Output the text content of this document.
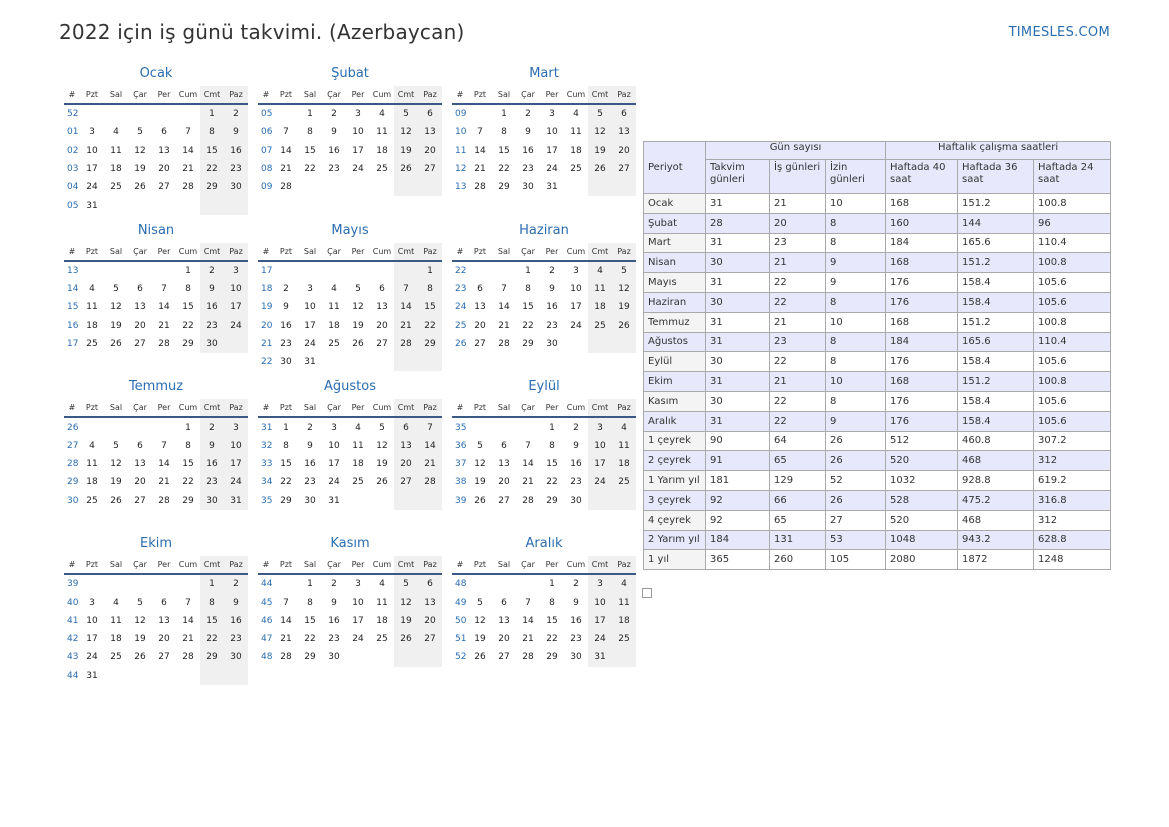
2022 için iş günü takvimi. (Azerbaycan)	TIMESLES.COM
Ocak
#	Pzt	Sal	Çar	Per	Cum	Cmt	Paz
52						1	2
01	3	4	5	6	7	8	9
02	10	11	12	13	14	15	16
03	17	18	19	20	21	22	23
04	24	25	26	27	28	29	30
05	31						
Şubat
#	Pzt	Sal	Çar	Per	Cum	Cmt	Paz
05		1	2	3	4	5	6
06	7	8	9	10	11	12	13
07	14	15	16	17	18	19	20
08	21	22	23	24	25	26	27
09	28						
Mart
#	Pzt	Sal	Çar	Per	Cum	Cmt	Paz
09		1	2	3	4	5	6
10	7	8	9	10	11	12	13
11	14	15	16	17	18	19	20
12	21	22	23	24	25	26	27
13	28	29	30	31			
Nisan
#	Pzt	Sal	Çar	Per	Cum	Cmt	Paz
13					1	2	3
14	4	5	6	7	8	9	10
15	11	12	13	14	15	16	17
16	18	19	20	21	22	23	24
17	25	26	27	28	29	30	
Mayıs
#	Pzt	Sal	Çar	Per	Cum	Cmt	Paz
17							1
18	2	3	4	5	6	7	8
19	9	10	11	12	13	14	15
20	16	17	18	19	20	21	22
21	23	24	25	26	27	28	29
22	30	31					
Haziran
#	Pzt	Sal	Çar	Per	Cum	Cmt	Paz
22			1	2	3	4	5
23	6	7	8	9	10	11	12
24	13	14	15	16	17	18	19
25	20	21	22	23	24	25	26
26	27	28	29	30			
Temmuz
#	Pzt	Sal	Çar	Per	Cum	Cmt	Paz
26					1	2	3
27	4	5	6	7	8	9	10
28	11	12	13	14	15	16	17
29	18	19	20	21	22	23	24
30	25	26	27	28	29	30	31
Ağustos
#	Pzt	Sal	Çar	Per	Cum	Cmt	Paz
31	1	2	3	4	5	6	7
32	8	9	10	11	12	13	14
33	15	16	17	18	19	20	21
34	22	23	24	25	26	27	28
35	29	30	31				
Eylül
#	Pzt	Sal	Çar	Per	Cum	Cmt	Paz
35				1	2	3	4
36	5	6	7	8	9	10	11
37	12	13	14	15	16	17	18
38	19	20	21	22	23	24	25
39	26	27	28	29	30		
Ekim
#	Pzt	Sal	Çar	Per	Cum	Cmt	Paz
39						1	2
40	3	4	5	6	7	8	9
41	10	11	12	13	14	15	16
42	17	18	19	20	21	22	23
43	24	25	26	27	28	29	30
44	31						
Kasım
#	Pzt	Sal	Çar	Per	Cum	Cmt	Paz
44		1	2	3	4	5	6
45	7	8	9	10	11	12	13
46	14	15	16	17	18	19	20
47	21	22	23	24	25	26	27
48	28	29	30				
Aralık
#	Pzt	Sal	Çar	Per	Cum	Cmt	Paz
48				1	2	3	4
49	5	6	7	8	9	10	11
50	12	13	14	15	16	17	18
51	19	20	21	22	23	24	25
52	26	27	28	29	30	31	
Periyot	Gün sayısı			Haftalık çalışma saatleri		
	Takvim günleri	İş günleri	İzin günleri	Haftada 40 saat	Haftada 36 saat	Haftada 24 saat
Ocak	31	21	10	168	151.2	100.8
Şubat	28	20	8	160	144	96
Mart	31	23	8	184	165.6	110.4
Nisan	30	21	9	168	151.2	100.8
Mayıs	31	22	9	176	158.4	105.6
Haziran	30	22	8	176	158.4	105.6
Temmuz	31	21	10	168	151.2	100.8
Ağustos	31	23	8	184	165.6	110.4
Eylül	30	22	8	176	158.4	105.6
Ekim	31	21	10	168	151.2	100.8
Kasım	30	22	8	176	158.4	105.6
Aralık	31	22	9	176	158.4	105.6
1 çeyrek	90	64	26	512	460.8	307.2
2 çeyrek	91	65	26	520	468	312
1 Yarım yıl	181	129	52	1032	928.8	619.2
3 çeyrek	92	66	26	528	475.2	316.8
4 çeyrek	92	65	27	520	468	312
2 Yarım yıl	184	131	53	1048	943.2	628.8
1 yıl	365	260	105	2080	1872	1248
